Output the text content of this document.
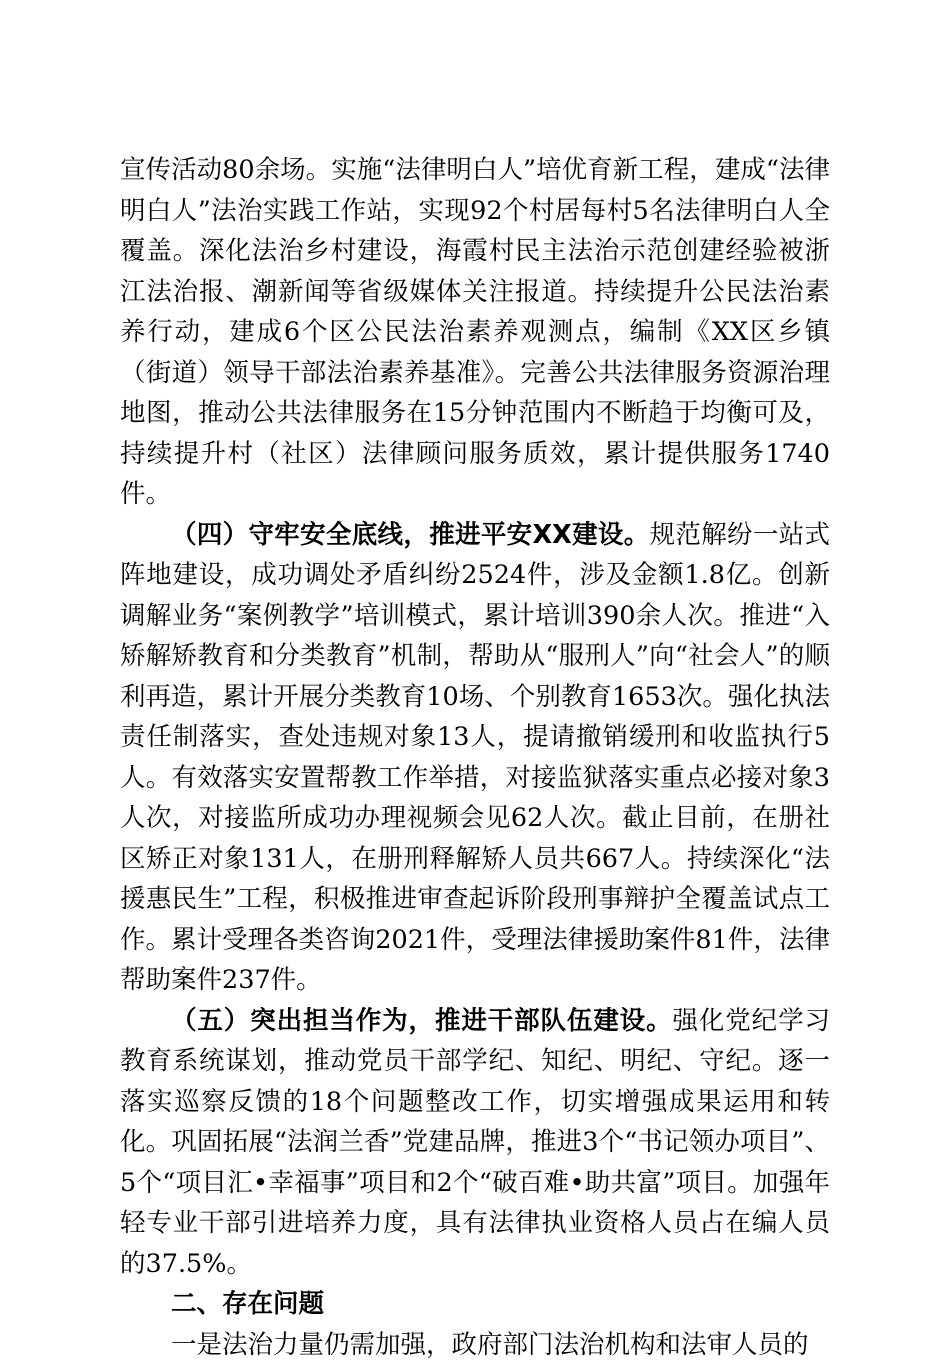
宣传活动80余场。实施“法律明白人”培优育新工程，建成“法律明白人”法治实践工作站，实现92个村居每村5名法律明白人全覆盖。深化法治乡村建设，海霞村民主法治示范创建经验被浙江法治报、潮新闻等省级媒体关注报道。持续提升公民法治素养行动，建成6个区公民法治素养观测点，编制《XX区乡镇（街道）领导干部法治素养基准》。完善公共法律服务资源治理地图，推动公共法律服务在15分钟范围内不断趋于均衡可及，持续提升村（社区）法律顾问服务质效，累计提供服务1740件。

（四）守牢安全底线，推进平安XX建设。规范解纷一站式阵地建设，成功调处矛盾纠纷2524件，涉及金额1.8亿。创新调解业务“案例教学”培训模式，累计培训390余人次。推进“入矫解矫教育和分类教育”机制，帮助从“服刑人”向“社会人”的顺利再造，累计开展分类教育10场、个别教育1653次。强化执法责任制落实，查处违规对象13人，提请撤销缓刑和收监执行5人。有效落实安置帮教工作举措，对接监狱落实重点必接对象3人次，对接监所成功办理视频会见62人次。截止目前，在册社区矫正对象131人，在册刑释解矫人员共667人。持续深化“法援惠民生”工程，积极推进审查起诉阶段刑事辩护全覆盖试点工作。累计受理各类咨询2021件，受理法律援助案件81件，法律帮助案件237件。

（五）突出担当作为，推进干部队伍建设。强化党纪学习教育系统谋划，推动党员干部学纪、知纪、明纪、守纪。逐一落实巡察反馈的18个问题整改工作，切实增强成果运用和转化。巩固拓展“法润兰香”党建品牌，推进3个“书记领办项目”、5个“项目汇•幸福事”项目和2个“破百难•助共富”项目。加强年轻专业干部引进培养力度，具有法律执业资格人员占在编人员的37.5%。

二、存在问题

一是法治力量仍需加强，政府部门法治机构和法审人员的
